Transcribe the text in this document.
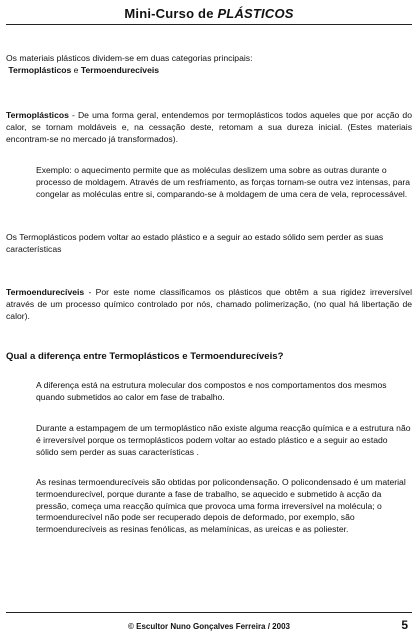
Mini-Curso de PLÁSTICOS

Os materiais plásticos dividem-se em duas categorias principais:
Termoplásticos e Termoendurecíveis

Termoplásticos - De uma forma geral, entendemos por termoplásticos todos aqueles que por acção do calor, se tornam moldáveis e, na cessação deste, retomam a sua dureza inicial. (Estes materiais encontram-se no mercado já transformados).

Exemplo: o aquecimento permite que as moléculas deslizem uma sobre as outras durante o processo de moldagem. Através de um resfriamento, as forças tornam-se outra vez intensas, para congelar as moléculas entre si, comparando-se à moldagem de uma cera de vela, reprocessável.

Os Termoplásticos podem voltar ao estado plástico e a seguir ao estado sólido sem perder as suas características

Termoendurecíveis - Por este nome classificamos os plásticos que obtêm a sua rigidez irreversível através de um processo químico controlado por nós, chamado polimerização, (no qual há libertação de calor).

Qual a diferença entre Termoplásticos e Termoendurecíveis?

A diferença está na estrutura molecular dos compostos e nos comportamentos dos mesmos quando submetidos ao calor em fase de trabalho.

Durante a estampagem de um termoplástico não existe alguma reacção química e a estrutura não é irreversível porque os termoplásticos podem voltar ao estado plástico e a seguir ao estado sólido sem perder as suas características .

As resinas termoendurecíveis são obtidas por policondensação. O policondensado é um material termoendurecível, porque durante a fase de trabalho, se aquecido e submetido à acção da pressão, começa uma reacção química que provoca uma forma irreversível na molécula; o termoendurecível não pode ser recuperado depois de deformado, por exemplo, são termoendurecíveis as resinas fenólicas, as melamínicas, as ureicas e as poliester.

© Escultor Nuno Gonçalves Ferreira / 2003	5
